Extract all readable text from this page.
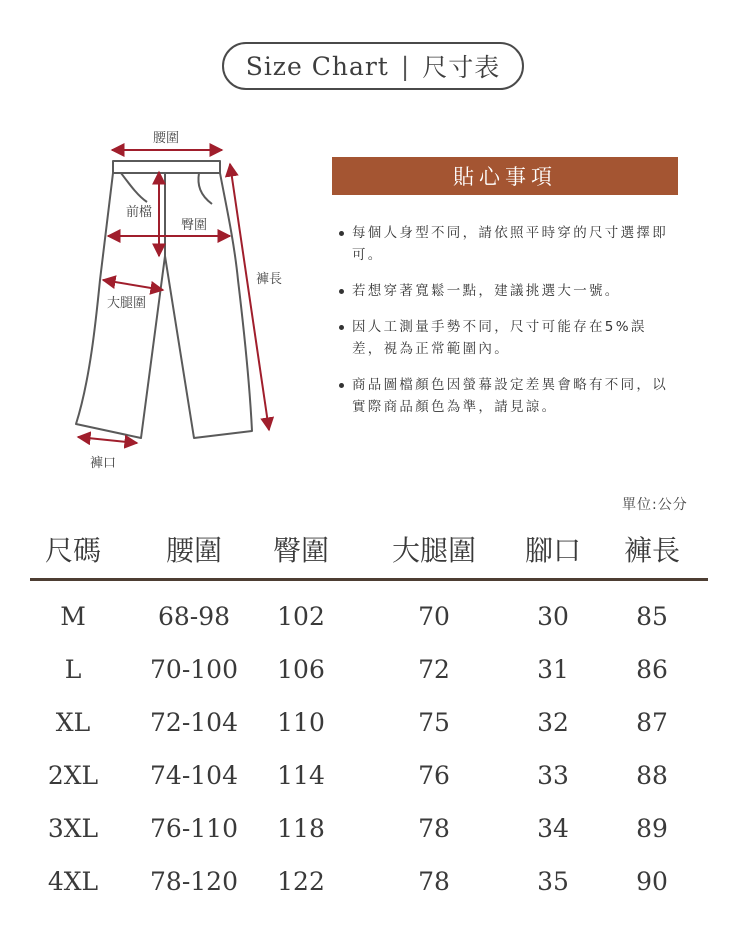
Size Chart | 尺寸表
腰圍
前檔
臀圍
大腿圍
褲長
褲口
貼心事項
每個人身型不同，請依照平時穿的尺寸選擇即可。
若想穿著寬鬆一點，建議挑選大一號。
因人工測量手勢不同，尺寸可能存在5%誤差，視為正常範圍內。
商品圖檔顏色因螢幕設定差異會略有不同，以實際商品顏色為準，請見諒。
單位:公分
尺碼 腰圍 臀圍 大腿圍 腳口 褲長
M	68-98 102	70	30	85
L	70-100 106	72	31	86
XL 72-104 110	75	32	87
2XL 74-104 114	76	33	88
3XL 76-110 118	78	34	89
4XL 78-120 122	78	35	90
